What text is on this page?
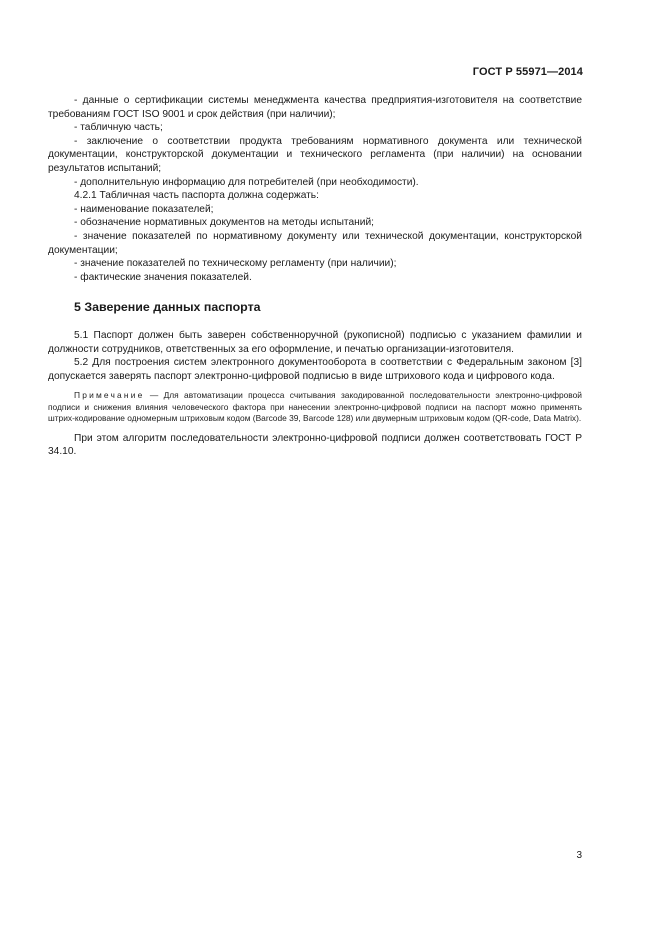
ГОСТ Р 55971—2014

- данные о сертификации системы менеджмента качества предприятия-изготовителя на соответствие требованиям ГОСТ ISO 9001 и срок действия (при наличии);

- табличную часть;

- заключение о соответствии продукта требованиям нормативного документа или технической документации, конструкторской документации и технического регламента (при наличии) на основании результатов испытаний;

- дополнительную информацию для потребителей (при необходимости).

4.2.1 Табличная часть паспорта должна содержать:

- наименование показателей;

- обозначение нормативных документов на методы испытаний;

- значение показателей по нормативному документу или технической документации, конструкторской документации;

- значение показателей по техническому регламенту (при наличии);

- фактические значения показателей.

5 Заверение данных паспорта

5.1 Паспорт должен быть заверен собственноручной (рукописной) подписью с указанием фамилии и должности сотрудников, ответственных за его оформление, и печатью организации-изготовителя.

5.2 Для построения систем электронного документооборота в соответствии с Федеральным законом [3] допускается заверять паспорт электронно-цифровой подписью в виде штрихового кода и цифрового кода.

Примечание — Для автоматизации процесса считывания закодированной последовательности электронно-цифровой подписи и снижения влияния человеческого фактора при нанесении электронно-цифровой подписи на паспорт можно применять штрих-кодирование одномерным штриховым кодом (Barcode 39, Barcode 128) или двумерным штриховым кодом (QR-code, Data Matrix).

При этом алгоритм последовательности электронно-цифровой подписи должен соответствовать ГОСТ Р 34.10.

3
